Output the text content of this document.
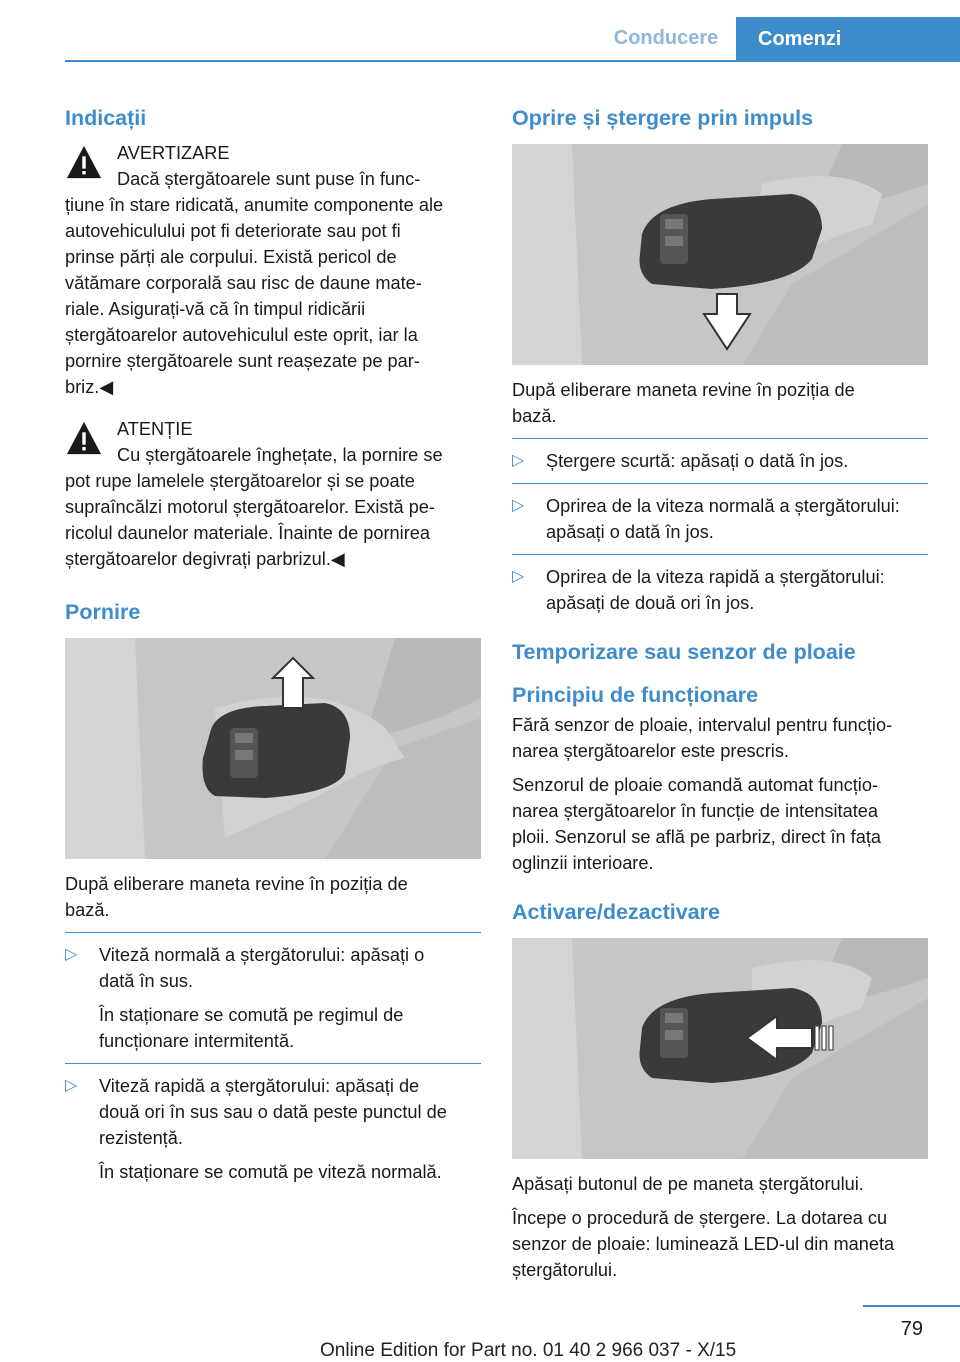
Conducere	Comenzi
Indicații
AVERTIZARE

Dacă ștergătoarele sunt puse în func‐

țiune în stare ridicată, anumite componente ale

autovehiculului pot fi deteriorate sau pot fi

prinse părți ale corpului. Există pericol de

vătămare corporală sau risc de daune mate‐

riale. Asigurați-vă că în timpul ridicării

ștergătoarelor autovehiculul este oprit, iar la

pornire ștergătoarele sunt reașezate pe par‐

briz.◀

ATENȚIE

Cu ștergătoarele înghețate, la pornire se

pot rupe lamelele ștergătoarelor și se poate

supraîncălzi motorul ștergătoarelor. Există pe‐

ricolul daunelor materiale. Înainte de pornirea

ștergătoarelor degivrați parbrizul.◀

Pornire

După eliberare maneta revine în poziția de

bază.

▷ Viteză normală a ștergătorului: apăsați o
dată în sus.
În staționare se comută pe regimul de
funcționare intermitentă.
▷ Viteză rapidă a ștergătorului: apăsați de
două ori în sus sau o dată peste punctul de
rezistență.
În staționare se comută pe viteză normală.
Oprire și ștergere prin impuls

După eliberare maneta revine în poziția de

bază.

▷ Ștergere scurtă: apăsați o dată în jos.
▷ Oprirea de la viteza normală a ștergătorului:
apăsați o dată în jos.
▷ Oprirea de la viteza rapidă a ștergătorului:
apăsați de două ori în jos.
Temporizare sau senzor de ploaie
Principiu de funcționare

Fără senzor de ploaie, intervalul pentru funcțio‐

narea ștergătoarelor este prescris.

Senzorul de ploaie comandă automat funcțio‐

narea ștergătoarelor în funcție de intensitatea

ploii. Senzorul se află pe parbriz, direct în fața

oglinzii interioare.

Activare/dezactivare

Apăsați butonul de pe maneta ștergătorului.

Începe o procedură de ștergere. La dotarea cu

senzor de ploaie: luminează LED-ul din maneta

ștergătorului.

79
Online Edition for Part no. 01 40 2 966 037 - X/15
